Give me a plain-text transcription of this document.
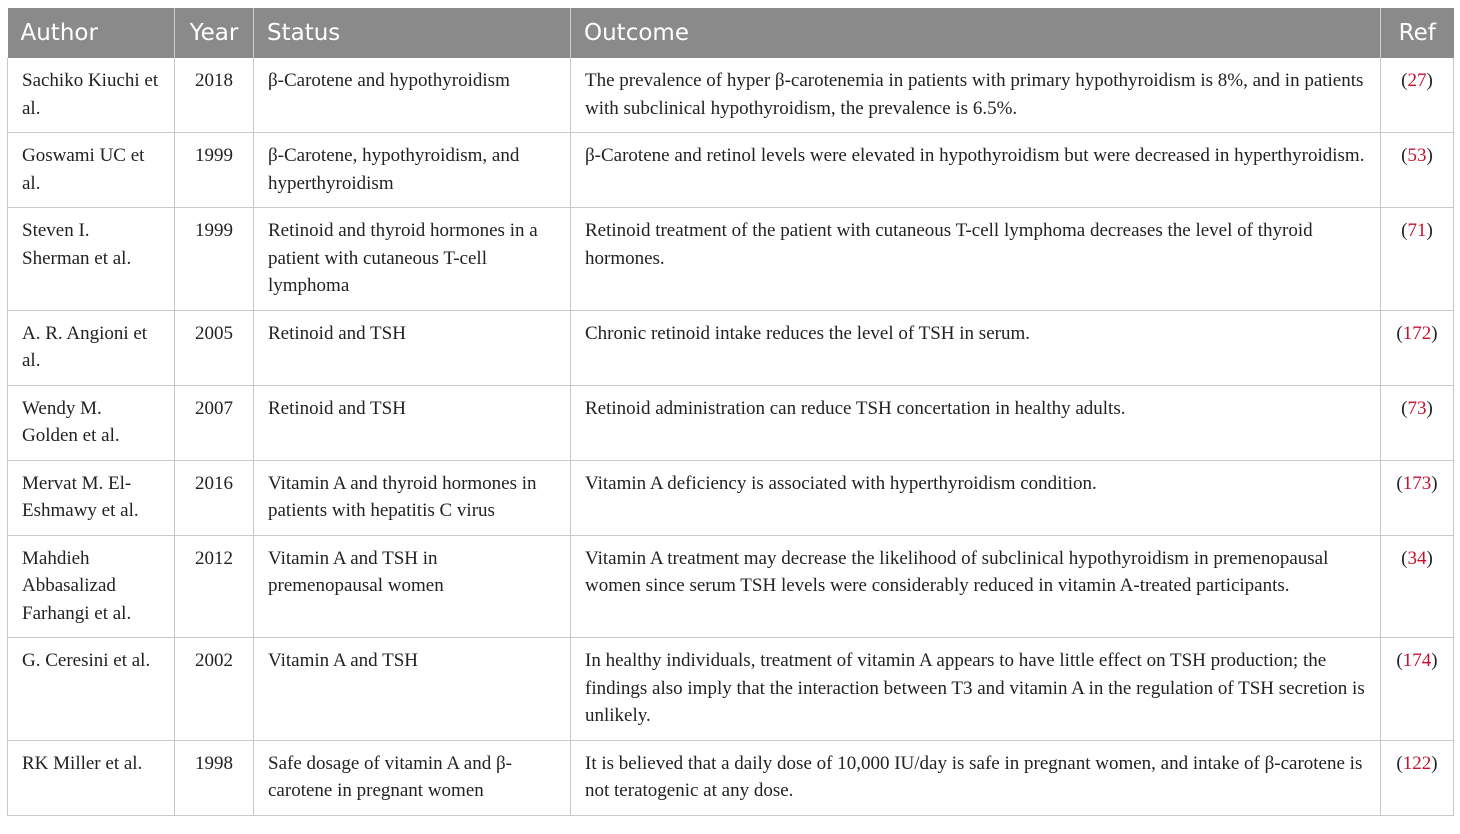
Author	Year	Status	Outcome	Ref
Sachiko Kiuchi et al.	2018	β-Carotene and hypothyroidism	The prevalence of hyper β-carotenemia in patients with primary hypothyroidism is 8%, and in patients with subclinical hypothyroidism, the prevalence is 6.5%.	(27)
Goswami UC et al.	1999	β-Carotene, hypothyroidism, and hyperthyroidism	β-Carotene and retinol levels were elevated in hypothyroidism but were decreased in hyperthyroidism.	(53)
Steven I. Sherman et al.	1999	Retinoid and thyroid hormones in a patient with cutaneous T-cell lymphoma	Retinoid treatment of the patient with cutaneous T-cell lymphoma decreases the level of thyroid hormones.	(71)
A. R. Angioni et al.	2005	Retinoid and TSH	Chronic retinoid intake reduces the level of TSH in serum.	(172)
Wendy M. Golden et al.	2007	Retinoid and TSH	Retinoid administration can reduce TSH concertation in healthy adults.	(73)
Mervat M. El-Eshmawy et al.	2016	Vitamin A and thyroid hormones in patients with hepatitis C virus	Vitamin A deficiency is associated with hyperthyroidism condition.	(173)
Mahdieh Abbasalizad Farhangi et al.	2012	Vitamin A and TSH in premenopausal women	Vitamin A treatment may decrease the likelihood of subclinical hypothyroidism in premenopausal women since serum TSH levels were considerably reduced in vitamin A-treated participants.	(34)
G. Ceresini et al.	2002	Vitamin A and TSH	In healthy individuals, treatment of vitamin A appears to have little effect on TSH production; the findings also imply that the interaction between T3 and vitamin A in the regulation of TSH secretion is unlikely.	(174)
RK Miller et al.	1998	Safe dosage of vitamin A and β-carotene in pregnant women	It is believed that a daily dose of 10,000 IU/day is safe in pregnant women, and intake of β-carotene is not teratogenic at any dose.	(122)
